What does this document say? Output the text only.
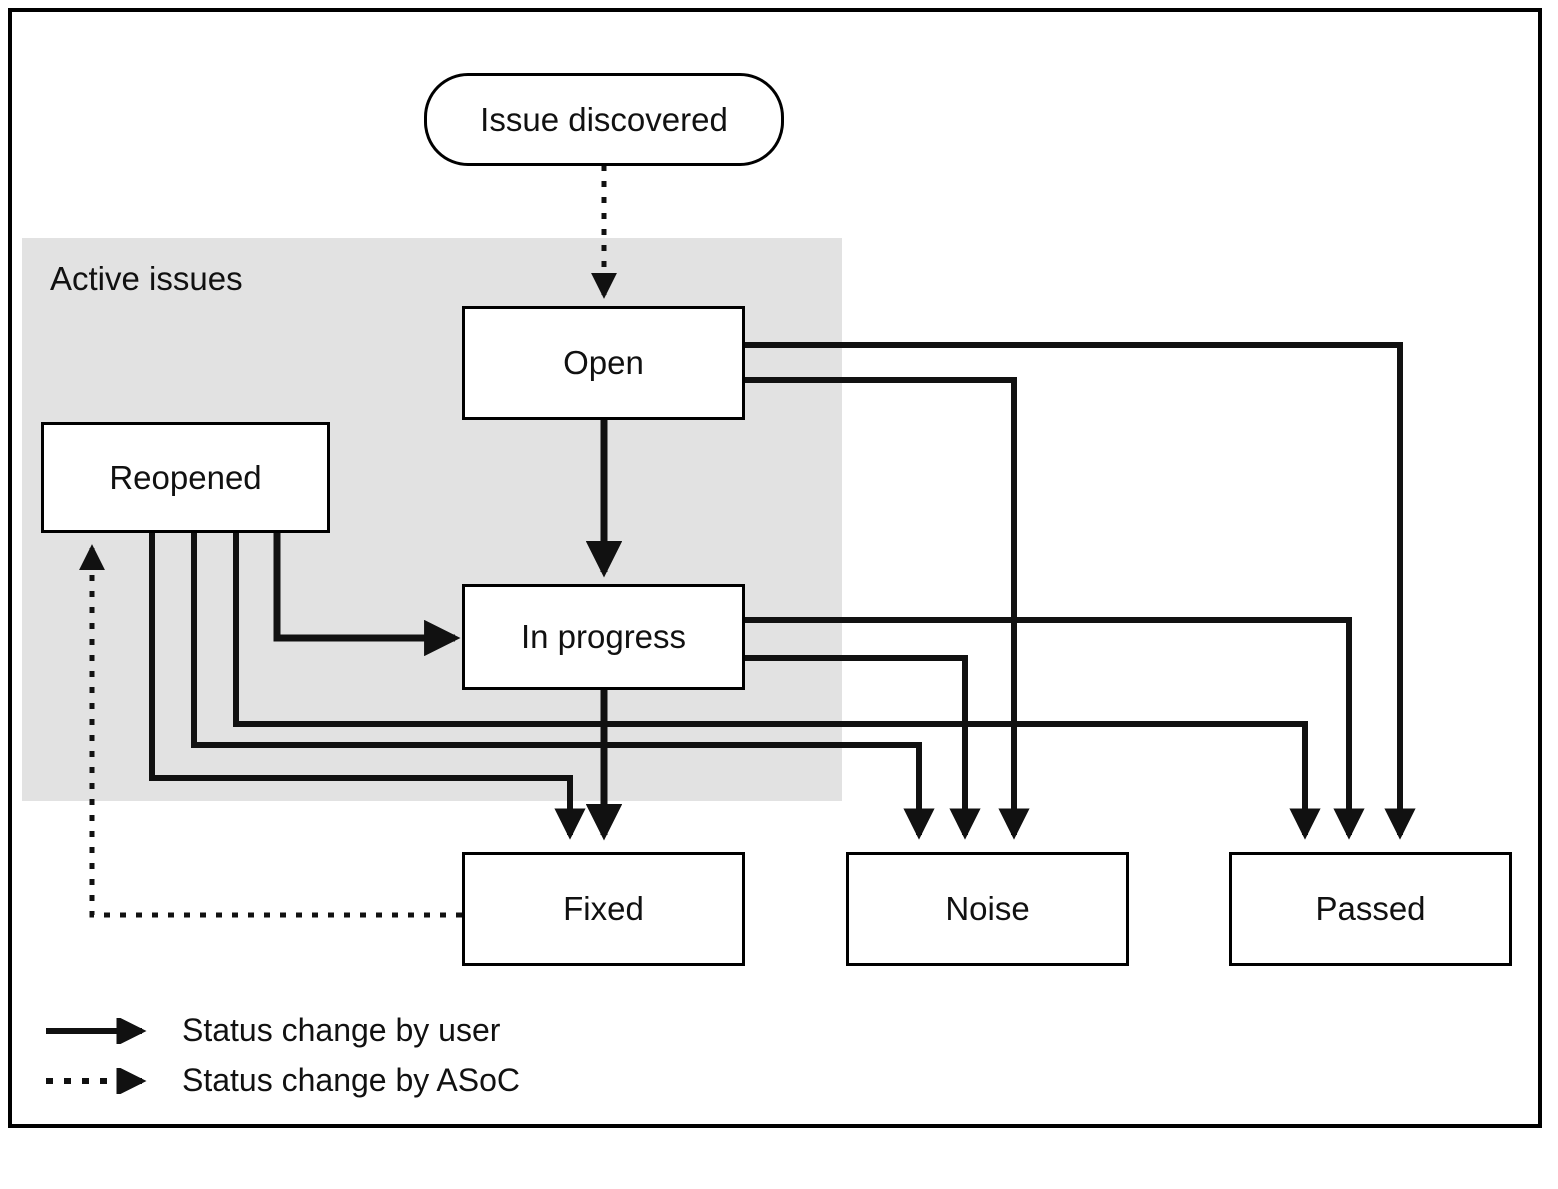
Active issues
Issue discovered
Open
Reopened
In progress
Fixed	Noise	Passed
Status change by user
Status change by ASoC
